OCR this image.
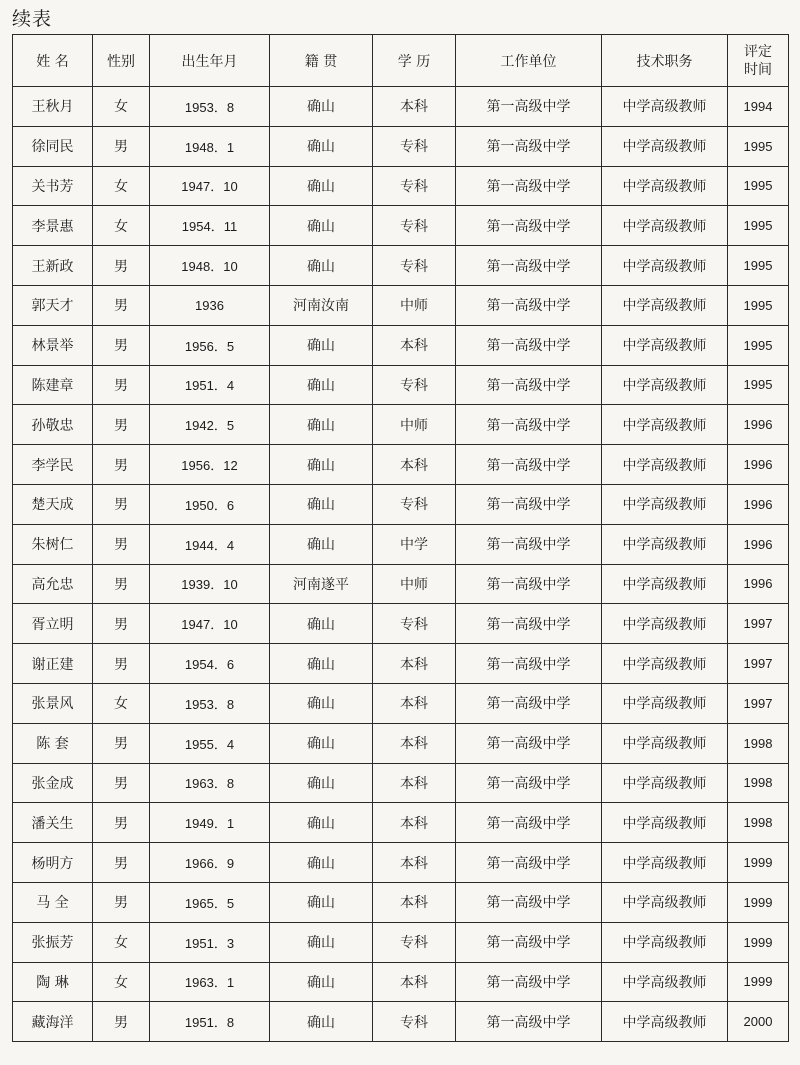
续表
姓 名	性别	出生年月	籍 贯	学 历	工作单位	技术职务	评定
时间
王秋月	女	1953．8	确山	本科	第一高级中学	中学高级教师	1994
徐同民	男	1948．1	确山	专科	第一高级中学	中学高级教师	1995
关书芳	女	1947．10	确山	专科	第一高级中学	中学高级教师	1995
李景惠	女	1954．11	确山	专科	第一高级中学	中学高级教师	1995
王新政	男	1948．10	确山	专科	第一高级中学	中学高级教师	1995
郭天才	男	1936	河南汝南	中师	第一高级中学	中学高级教师	1995
林景举	男	1956．5	确山	本科	第一高级中学	中学高级教师	1995
陈建章	男	1951．4	确山	专科	第一高级中学	中学高级教师	1995
孙敬忠	男	1942．5	确山	中师	第一高级中学	中学高级教师	1996
李学民	男	1956．12	确山	本科	第一高级中学	中学高级教师	1996
楚天成	男	1950．6	确山	专科	第一高级中学	中学高级教师	1996
朱树仁	男	1944．4	确山	中学	第一高级中学	中学高级教师	1996
高允忠	男	1939．10	河南遂平	中师	第一高级中学	中学高级教师	1996
胥立明	男	1947．10	确山	专科	第一高级中学	中学高级教师	1997
谢正建	男	1954．6	确山	本科	第一高级中学	中学高级教师	1997
张景风	女	1953．8	确山	本科	第一高级中学	中学高级教师	1997
陈 套	男	1955．4	确山	本科	第一高级中学	中学高级教师	1998
张金成	男	1963．8	确山	本科	第一高级中学	中学高级教师	1998
潘关生	男	1949．1	确山	本科	第一高级中学	中学高级教师	1998
杨明方	男	1966．9	确山	本科	第一高级中学	中学高级教师	1999
马 全	男	1965．5	确山	本科	第一高级中学	中学高级教师	1999
张振芳	女	1951．3	确山	专科	第一高级中学	中学高级教师	1999
陶 琳	女	1963．1	确山	本科	第一高级中学	中学高级教师	1999
藏海洋	男	1951．8	确山	专科	第一高级中学	中学高级教师	2000
